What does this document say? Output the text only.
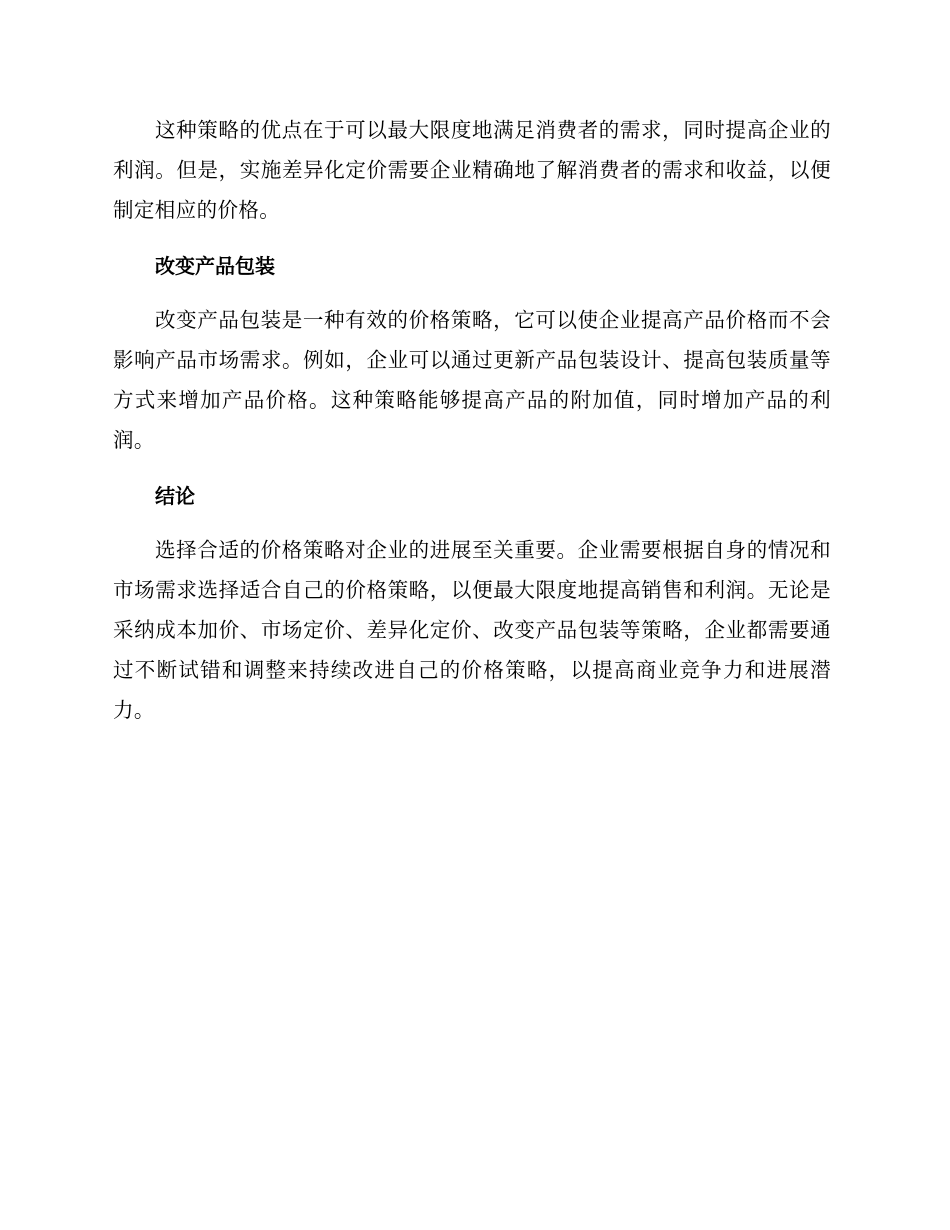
这种策略的优点在于可以最大限度地满足消费者的需求，同时提高企业的利润。但是，实施差异化定价需要企业精确地了解消费者的需求和收益，以便制定相应的价格。

改变产品包装

改变产品包装是一种有效的价格策略，它可以使企业提高产品价格而不会影响产品市场需求。例如，企业可以通过更新产品包装设计、提高包装质量等方式来增加产品价格。这种策略能够提高产品的附加值，同时增加产品的利润。

结论

选择合适的价格策略对企业的进展至关重要。企业需要根据自身的情况和市场需求选择适合自己的价格策略，以便最大限度地提高销售和利润。无论是采纳成本加价、市场定价、差异化定价、改变产品包装等策略，企业都需要通过不断试错和调整来持续改进自己的价格策略，以提高商业竞争力和进展潜力。
